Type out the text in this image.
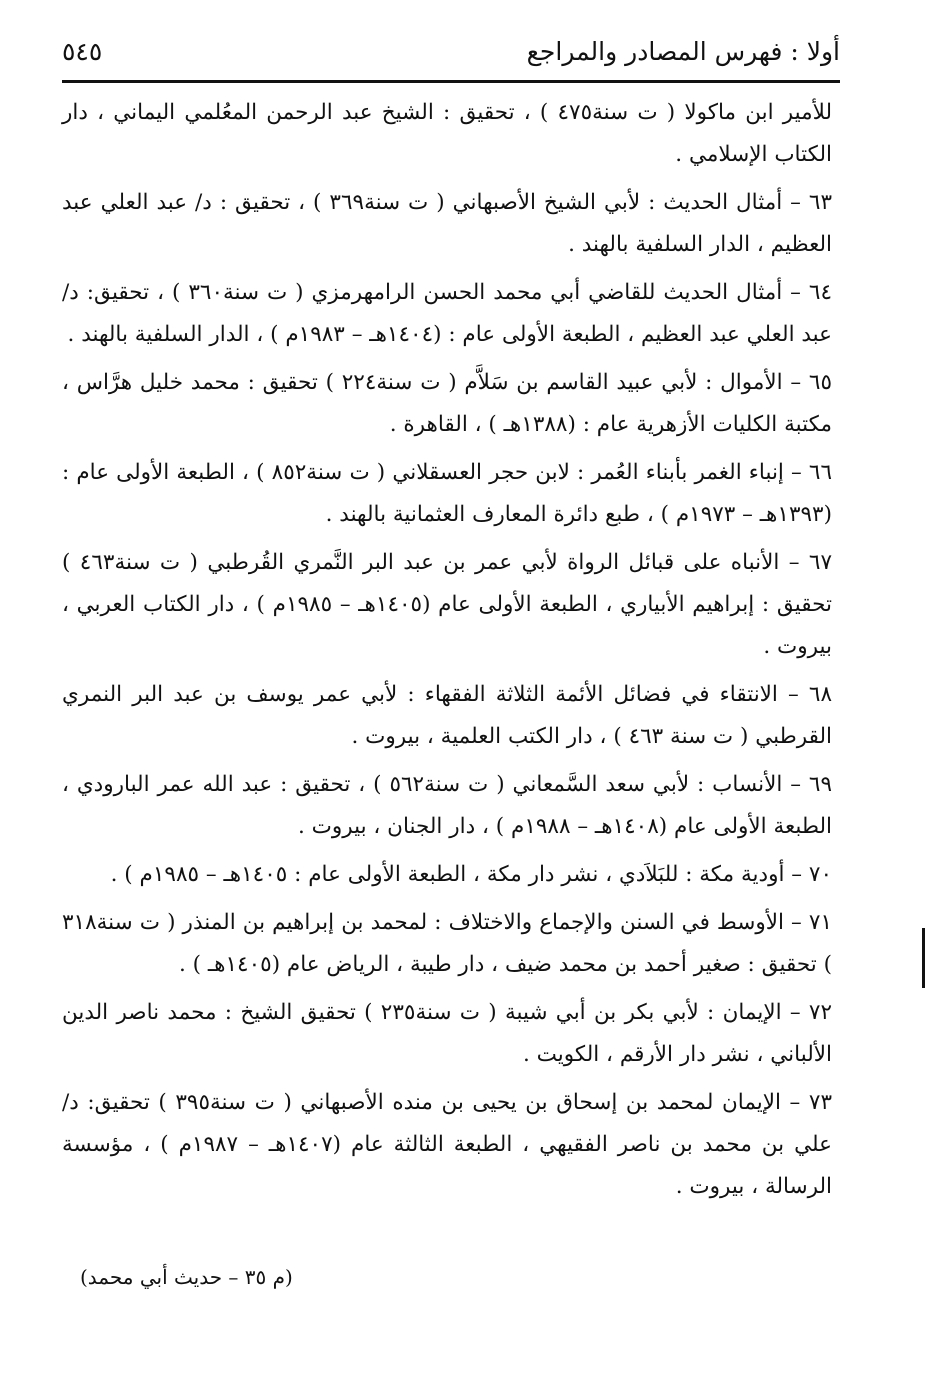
أولا : فهرس المصادر والمراجع
٥٤٥

للأمير ابن ماكولا ( ت سنة٤٧٥ ) ، تحقيق : الشيخ عبد الرحمن المعُلمي اليماني ، دار الكتاب الإسلامي .

٦٣ – أمثال الحديث : لأبي الشيخ الأصبهاني ( ت سنة٣٦٩ ) ، تحقيق : د/ عبد العلي عبد العظيم ، الدار السلفية بالهند .

٦٤ – أمثال الحديث للقاضي أبي محمد الحسن الرامهرمزي ( ت سنة٣٦٠ ) ، تحقيق: د/ عبد العلي عبد العظيم ، الطبعة الأولى عام : (١٤٠٤هـ – ١٩٨٣م ) ، الدار السلفية بالهند .

٦٥ – الأموال : لأبي عبيد القاسم بن سَلاَّم ( ت سنة٢٢٤ ) تحقيق : محمد خليل هرَّاس ، مكتبة الكليات الأزهرية عام : (١٣٨٨هـ ) ، القاهرة .

٦٦ – إنباء الغمر بأبناء العُمر : لابن حجر العسقلاني ( ت سنة٨٥٢ ) ، الطبعة الأولى عام : (١٣٩٣هـ – ١٩٧٣م ) ، طبع دائرة المعارف العثمانية بالهند .

٦٧ – الأنباه على قبائل الرواة لأبي عمر بن عبد البر النَّمري القُرطبي ( ت سنة٤٦٣ ) تحقيق : إبراهيم الأبياري ، الطبعة الأولى عام (١٤٠٥هـ – ١٩٨٥م ) ، دار الكتاب العربي ، بيروت .

٦٨ – الانتقاء في فضائل الأئمة الثلاثة الفقهاء : لأبي عمر يوسف بن عبد البر النمري القرطبي ( ت سنة ٤٦٣ ) ، دار الكتب العلمية ، بيروت .

٦٩ – الأنساب : لأبي سعد السَّمعاني ( ت سنة٥٦٢ ) ، تحقيق : عبد الله عمر البارودي ، الطبعة الأولى عام (١٤٠٨هـ – ١٩٨٨م ) ، دار الجنان ، بيروت .

٧٠ – أودية مكة : للبَلاَدي ، نشر دار مكة ، الطبعة الأولى عام : ١٤٠٥هـ – ١٩٨٥م ) .

٧١ – الأوسط في السنن والإجماع والاختلاف : لمحمد بن إبراهيم بن المنذر ( ت سنة٣١٨ ) تحقيق : صغير أحمد بن محمد ضيف ، دار طيبة ، الرياض عام (١٤٠٥هـ ) .

٧٢ – الإيمان : لأبي بكر بن أبي شيبة ( ت سنة٢٣٥ ) تحقيق الشيخ : محمد ناصر الدين الألباني ، نشر دار الأرقم ، الكويت .

٧٣ – الإيمان لمحمد بن إسحاق بن يحيى بن منده الأصبهاني ( ت سنة٣٩٥ ) تحقيق: د/علي بن محمد بن ناصر الفقيهي ، الطبعة الثالثة عام (١٤٠٧هـ – ١٩٨٧م ) ، مؤسسة الرسالة ، بيروت .

(م ٣٥ – حديث أبي محمد)
